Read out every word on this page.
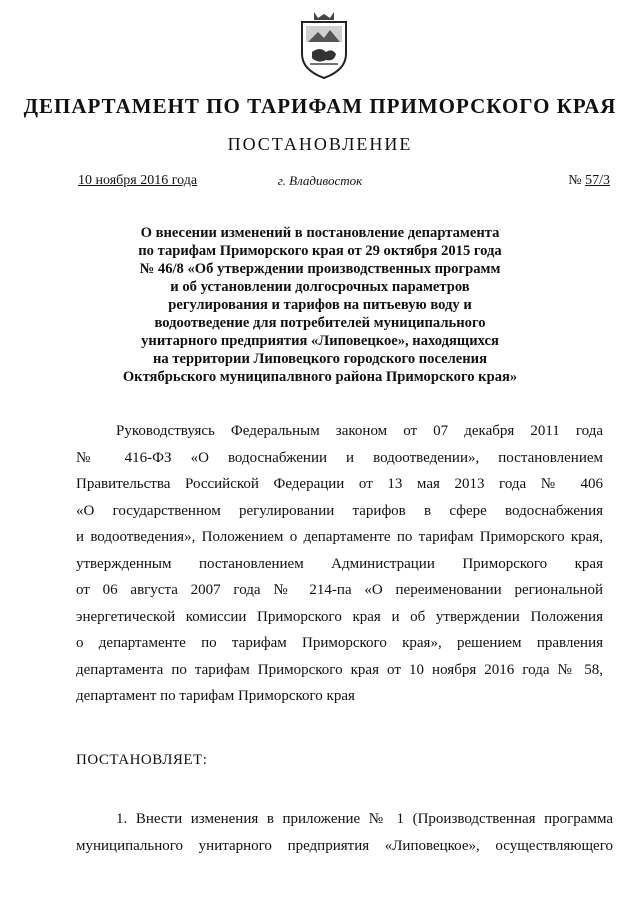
ДЕПАРТАМЕНТ ПО ТАРИФАМ ПРИМОРСКОГО КРАЯ
ПОСТАНОВЛЕНИЕ
10 ноября 2016 года	г. Владивосток	№ 57/3
О внесении изменений в постановление департамента
по тарифам Приморского края от 29 октября 2015 года
№ 46/8 «Об утверждении производственных программ
и об установлении долгосрочных параметров
регулирования и тарифов на питьевую воду и
водоотведение для потребителей муниципального
унитарного предприятия «Липовецкое», находящихся
на территории Липовецкого городского поселения
Октябрьского муниципалвного района Приморского края»
Руководствуясь Федеральным законом от 07 декабря 2011 года
№ 416-ФЗ «О водоснабжении и водоотведении», постановлением
Правительства Российской Федерации от 13 мая 2013 года № 406
«О государственном регулировании тарифов в сфере водоснабжения
и водоотведения», Положением о департаменте по тарифам Приморского края,
утвержденным постановлением Администрации Приморского края
от 06 августа 2007 года № 214-па «О переименовании региональной
энергетической комиссии Приморского края и об утверждении Положения
о департаменте по тарифам Приморского края», решением правления
департамента по тарифам Приморского края от 10 ноября 2016 года № 58,
департамент по тарифам Приморского края
ПОСТАНОВЛЯЕТ:
1. Внести изменения в приложение № 1 (Производственная программа
муниципального унитарного предприятия «Липовецкое», осуществляющего
